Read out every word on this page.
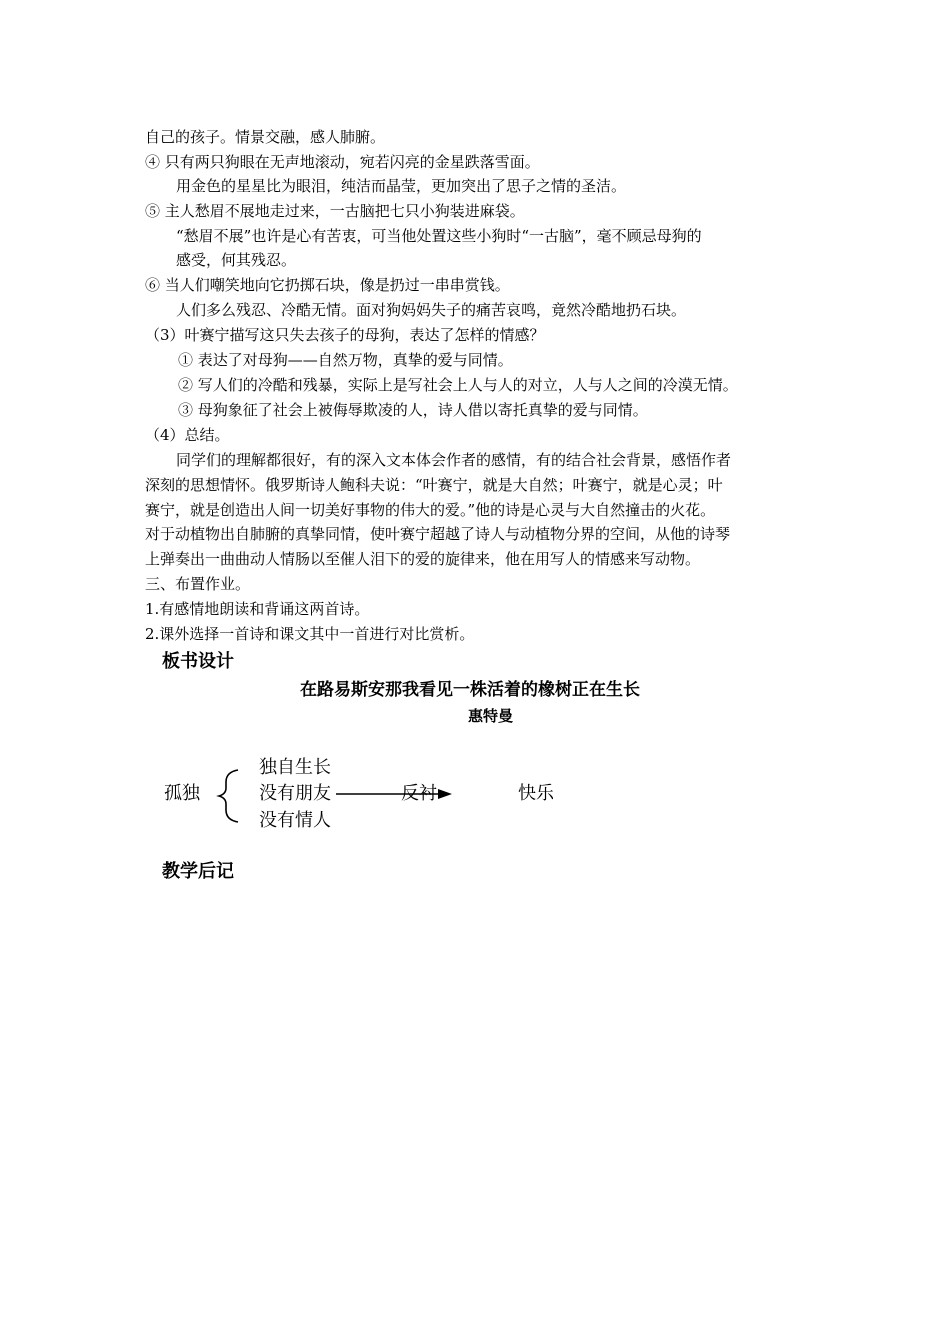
自己的孩子。情景交融，感人肺腑。
④ 只有两只狗眼在无声地滚动，宛若闪亮的金星跌落雪面。
用金色的星星比为眼泪，纯洁而晶莹，更加突出了思子之情的圣洁。
⑤ 主人愁眉不展地走过来，一古脑把七只小狗装进麻袋。
“愁眉不展”也许是心有苦衷，可当他处置这些小狗时“一古脑”，毫不顾忌母狗的
感受，何其残忍。
⑥ 当人们嘲笑地向它扔掷石块，像是扔过一串串赏钱。
人们多么残忍、冷酷无情。面对狗妈妈失子的痛苦哀鸣，竟然冷酷地扔石块。
（3）叶赛宁描写这只失去孩子的母狗，表达了怎样的情感？
① 表达了对母狗——自然万物，真挚的爱与同情。
② 写人们的冷酷和残暴，实际上是写社会上人与人的对立，人与人之间的冷漠无情。
③ 母狗象征了社会上被侮辱欺凌的人，诗人借以寄托真挚的爱与同情。
（4）总结。
同学们的理解都很好，有的深入文本体会作者的感情，有的结合社会背景，感悟作者
深刻的思想情怀。俄罗斯诗人鲍科夫说：“叶赛宁，就是大自然；叶赛宁，就是心灵；叶
赛宁，就是创造出人间一切美好事物的伟大的爱。”他的诗是心灵与大自然撞击的火花。
对于动植物出自肺腑的真挚同情，使叶赛宁超越了诗人与动植物分界的空间，从他的诗琴
上弹奏出一曲曲动人情肠以至催人泪下的爱的旋律来，他在用写人的情感来写动物。
三、布置作业。
1.有感情地朗读和背诵这两首诗。
2.课外选择一首诗和课文其中一首进行对比赏析。
板书设计
在路易斯安那我看见一株活着的橡树正在生长
惠特曼
孤独
独自生长
没有朋友
没有情人
反衬	快乐
教学后记
